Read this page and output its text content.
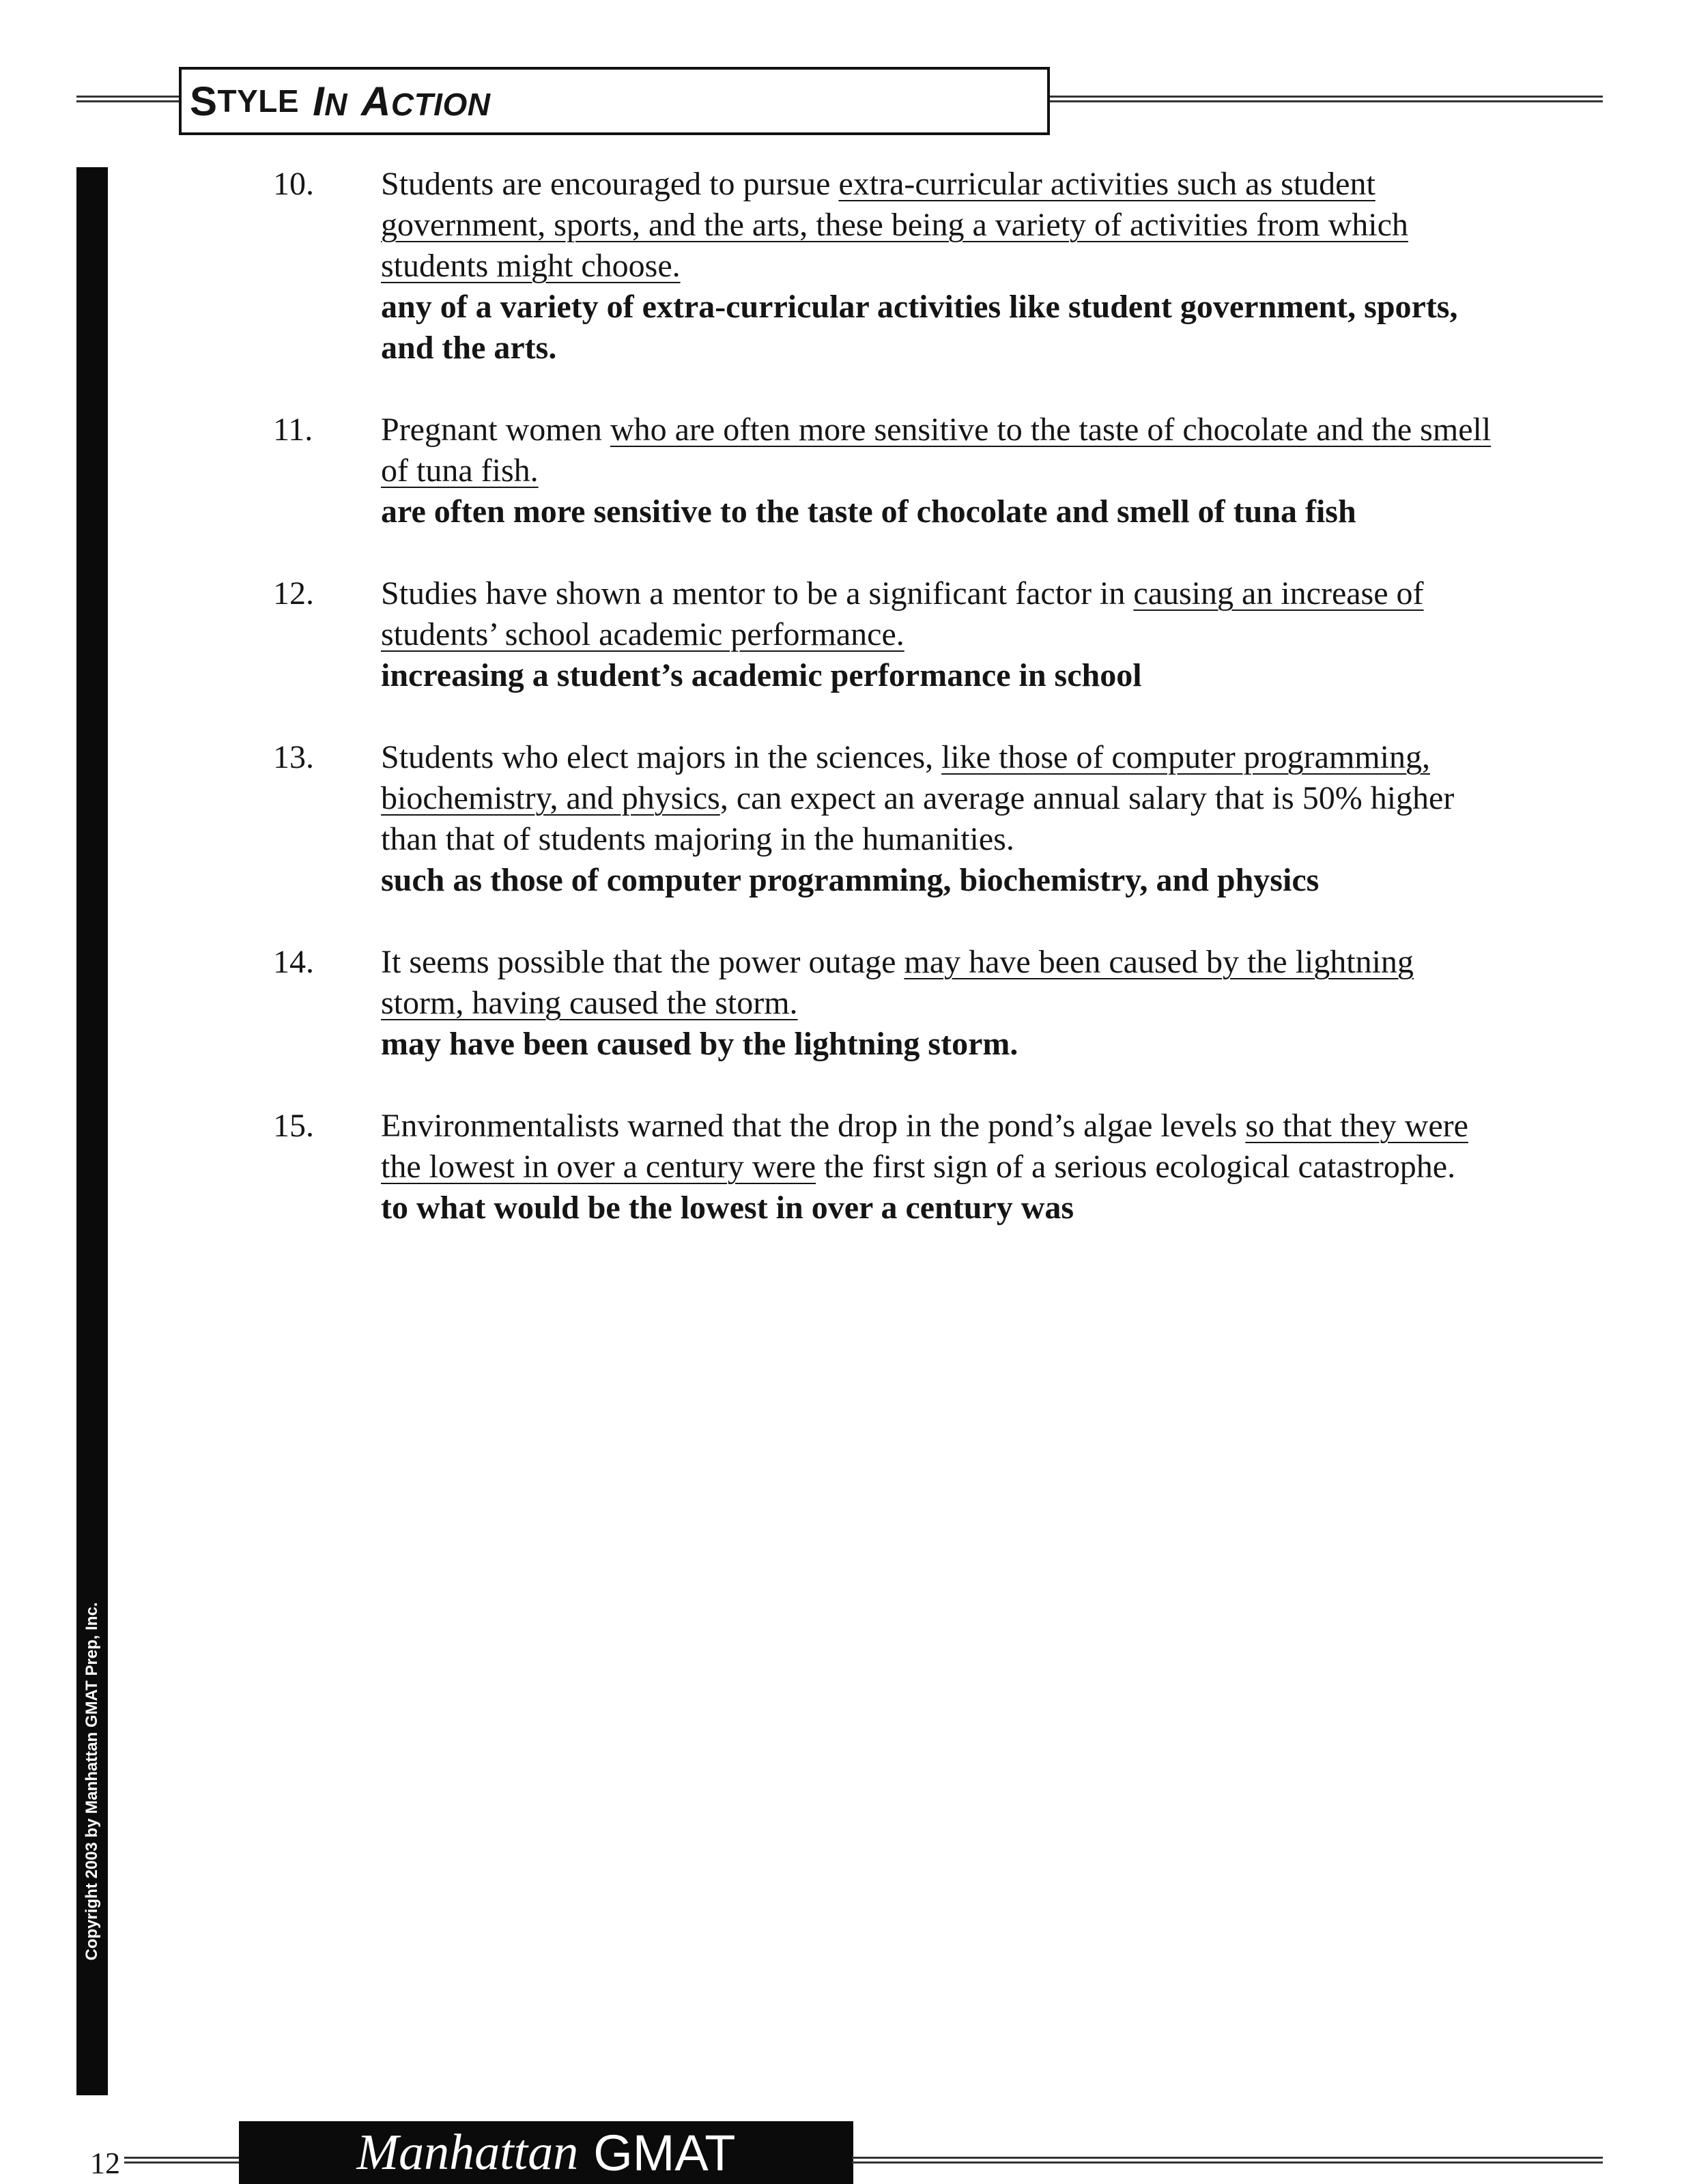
S TYLE IN ACTION
Copyright 2003 by Manhattan GMAT Prep, Inc.
10. Students are encouraged to pursue extra-curricular activities such as student government, sports, and the arts, these being a variety of activities from which students might choose.
any of a variety of extra-curricular activities like student government, sports, and the arts.
11. Pregnant women who are often more sensitive to the taste of chocolate and the smell of tuna fish.
are often more sensitive to the taste of chocolate and smell of tuna fish
12. Studies have shown a mentor to be a significant factor in causing an increase of students’ school academic performance.
increasing a student’s academic performance in school
13. Students who elect majors in the sciences, like those of computer programming, biochemistry, and physics, can expect an average annual salary that is 50% higher than that of students majoring in the humanities.
such as those of computer programming, biochemistry, and physics
14. It seems possible that the power outage may have been caused by the lightning storm, having caused the storm.
may have been caused by the lightning storm.
15. Environmentalists warned that the drop in the pond’s algae levels so that they were the lowest in over a century were the first sign of a serious ecological catastrophe.
to what would be the lowest in over a century was
12	Manhattan GMAT
